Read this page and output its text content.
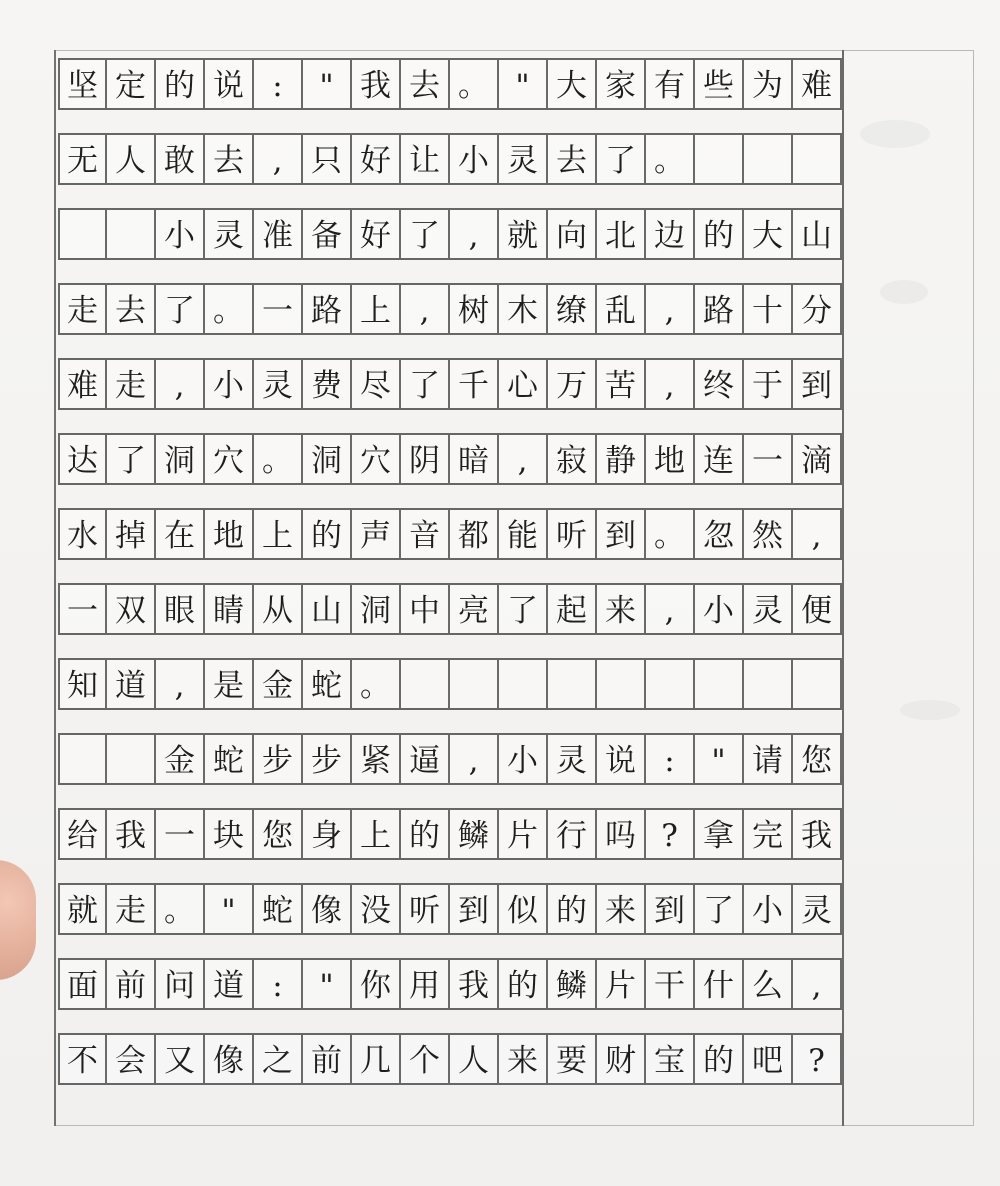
坚 定 的 说 : " 我 去 。 " 大 家 有 些 为 难
无 人 敢 去 , 只 好 让 小 灵 去 了 。
小 灵 准 备 好 了 , 就 向 北 边 的 大 山
走 去 了 。 一 路 上 , 树 木 缭 乱 , 路 十 分
难 走 , 小 灵 费 尽 了 千 心 万 苦 , 终 于 到
达 了 洞 穴 。 洞 穴 阴 暗 , 寂 静 地 连 一 滴
水 掉 在 地 上 的 声 音 都 能 听 到 。 忽 然 ,
一 双 眼 睛 从 山 洞 中 亮 了 起 来 , 小 灵 便
知 道 , 是 金 蛇 。
金 蛇 步 步 紧 逼 , 小 灵 说 : " 请 您
给 我 一 块 您 身 上 的 鳞 片 行 吗 ? 拿 完 我
就 走 。 " 蛇 像 没 听 到 似 的 来 到 了 小 灵
面 前 问 道 : " 你 用 我 的 鳞 片 干 什 么 ,
不 会 又 像 之 前 几 个 人 来 要 财 宝 的 吧 ?
